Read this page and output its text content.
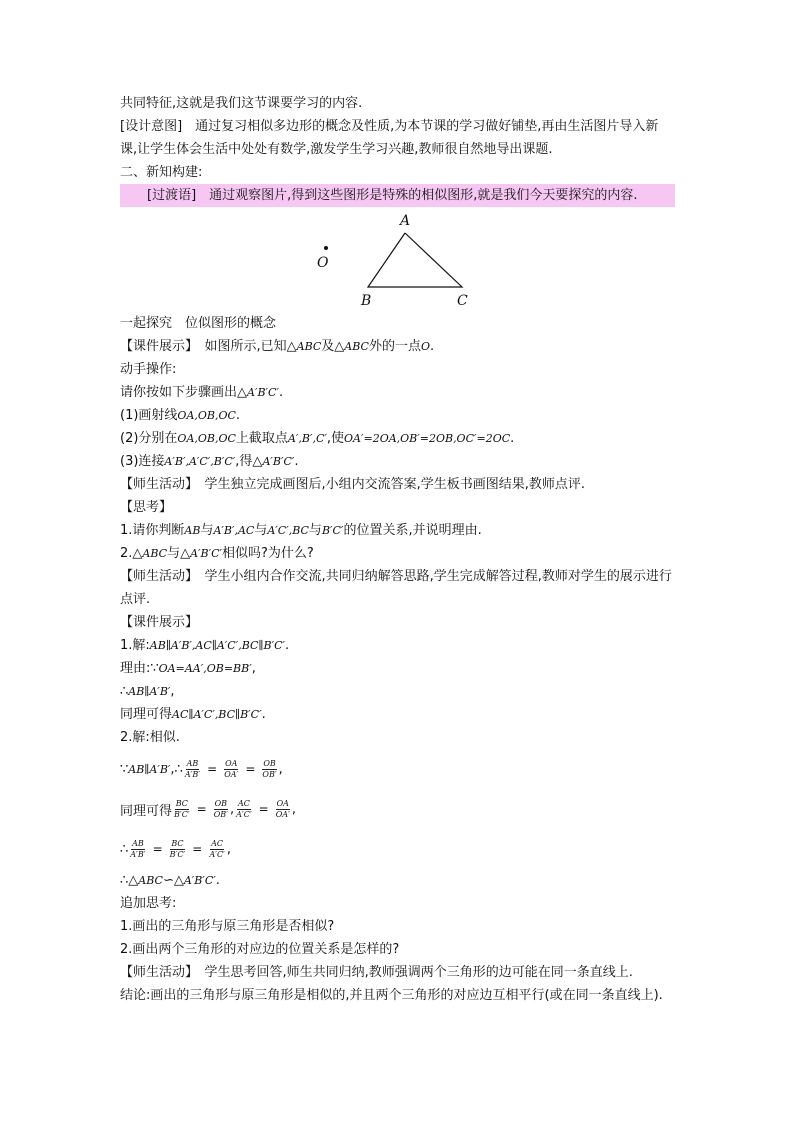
共同特征,这就是我们这节课要学习的内容.
[设计意图]　通过复习相似多边形的概念及性质,为本节课的学习做好铺垫,再由生活图片导入新课,让学生体会生活中处处有数学,激发学生学习兴趣,教师很自然地导出课题.
二、新知构建:
[过渡语]　通过观察图片,得到这些图形是特殊的相似图形,就是我们今天要探究的内容.
O
A
B	C
一起探究　位似图形的概念
【课件展示】　如图所示,已知△ABC及△ABC外的一点O.
动手操作:
请你按如下步骤画出△A′B′C′.
(1)画射线OA,OB,OC.
(2)分别在OA,OB,OC上截取点A′,B′,C′,使OA′=2OA,OB′=2OB,OC′=2OC.
(3)连接A′B′,A′C′,B′C′,得△A′B′C′.
【师生活动】　学生独立完成画图后,小组内交流答案,学生板书画图结果,教师点评.
【思考】
1.请你判断AB与A′B′,AC与A′C′,BC与B′C′的位置关系,并说明理由.
2.△ABC与△A′B′C′相似吗?为什么?
【师生活动】　学生小组内合作交流,共同归纳解答思路,学生完成解答过程,教师对学生的展示进行点评.
【课件展示】
1.解:AB∥A′B′,AC∥A′C′,BC∥B′C′.
理由:∵OA=AA′,OB=BB′,
∴AB∥A′B′,
同理可得AC∥A′C′,BC∥B′C′.
2.解:相似.
∵ AB∥A′B′ ,∴ $\frac{AB}{A'B'} = \frac{OA}{OA'} = \frac{OB}{OB'}$ ,
同理可得 $\frac{BC}{B'C'} = \frac{OB}{OB'}$ , $\frac{AC}{A'C'} = \frac{OA}{OA'}$ ,
∴ $\frac{AB}{A'B'} = \frac{BC}{B'C'} = \frac{AC}{A'C'}$ ,
∴△ABC∽△A′B′C′.
追加思考:
1.画出的三角形与原三角形是否相似?
2.画出两个三角形的对应边的位置关系是怎样的?
【师生活动】　学生思考回答,师生共同归纳,教师强调两个三角形的边可能在同一条直线上.
结论:画出的三角形与原三角形是相似的,并且两个三角形的对应边互相平行(或在同一条直线上).
